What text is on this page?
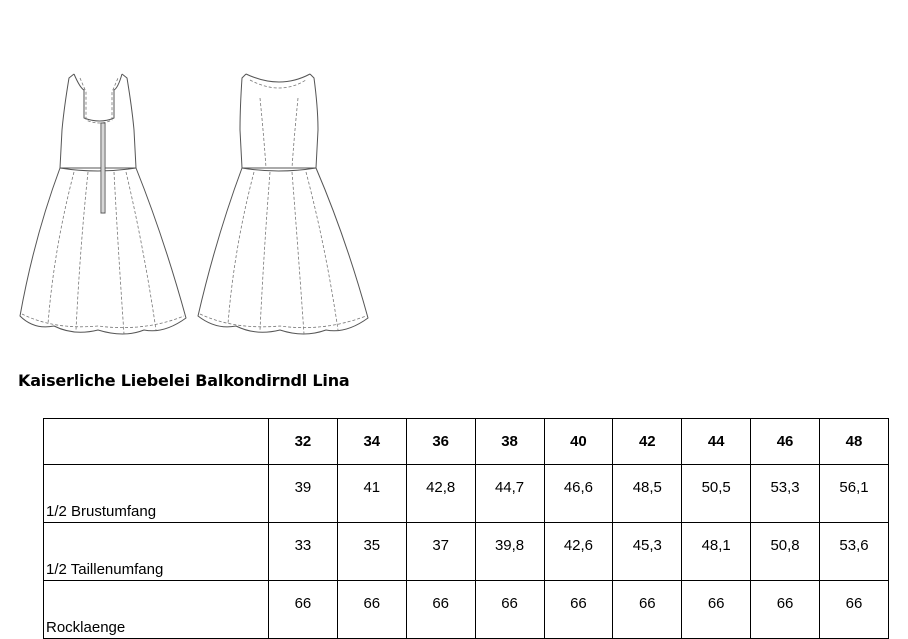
Kaiserliche Liebelei Balkondirndl Lina
	32	34	36	38	40	42	44	46	48
1/2 Brustumfang	39	41	42,8	44,7	46,6	48,5	50,5	53,3	56,1
1/2 Taillenumfang	33	35	37	39,8	42,6	45,3	48,1	50,8	53,6
Rocklaenge	66	66	66	66	66	66	66	66	66
